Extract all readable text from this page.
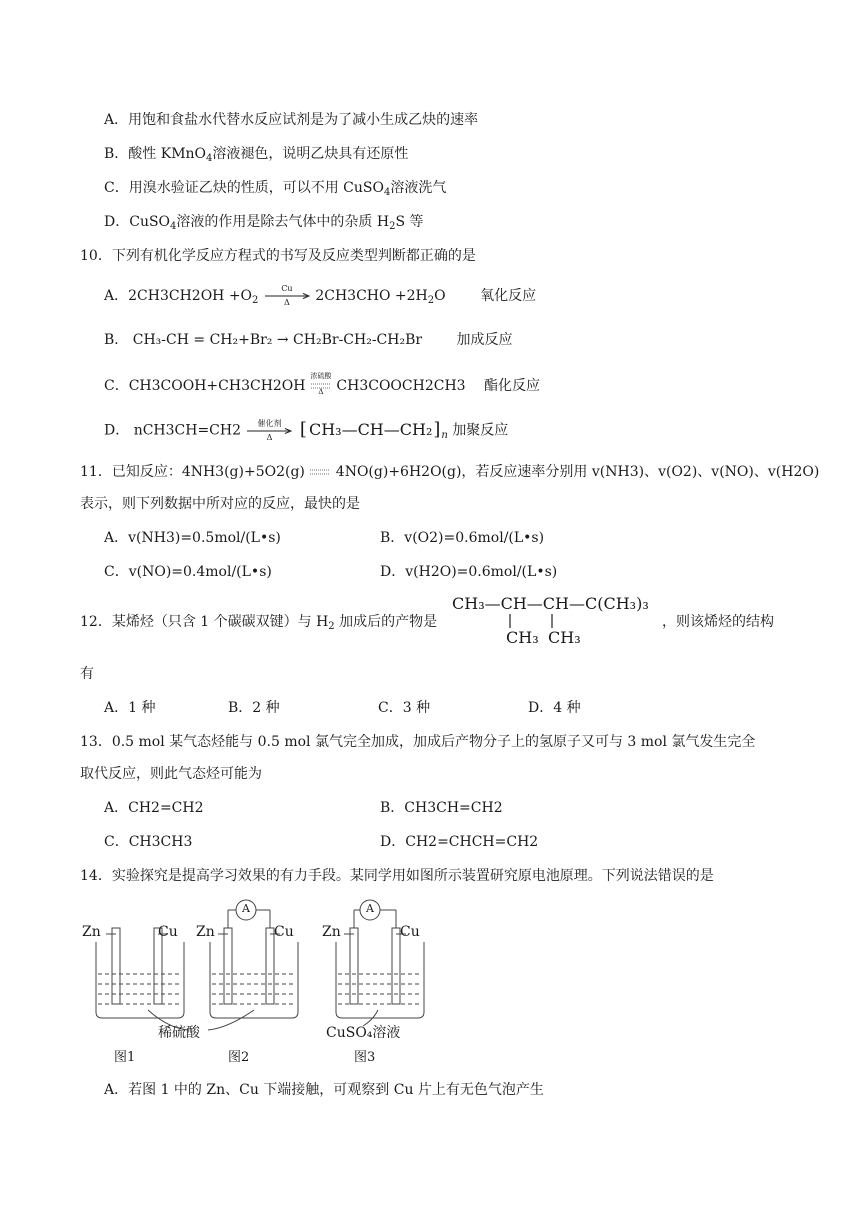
A．用饱和食盐水代替水反应试剂是为了减小生成乙炔的速率
B．酸性 KMnO$_4$溶液褪色，说明乙炔具有还原性
C．用溴水验证乙炔的性质，可以不用 CuSO$_4$溶液洗气
D．CuSO$_4$溶液的作用是除去气体中的杂质 $H_2S$ 等
10．下列有机化学反应方程式的书写及反应类型判断都正确的是
A．$2CH3CH2OH +O_2$
Cu
Δ	$2CH3CHO +2H_2O$ 氧化反应
B． CH₃-CH = CH₂+Br₂ → CH₂Br-CH₂-CH₂Br 加成反应
C．CH3COOH+CH3CH2OH
浓硫酸
Δ CH3COOCH2CH3 酯化反应
D． nCH3CH=CH2	催化剂
Δ	[ $CH_3—CH—CH_2]_n$ 加聚反应
11．已知反应：4NH3(g)+5O2(g) 4NO(g)+6H2O(g)，若反应速率分别用 v(NH3)、v(O2)、v(NO)、v(H2O)
表示，则下列数据中所对应的反应，最快的是
A．v(NH3)=0.5mol/(L•s)	B．v(O2)=0.6mol/(L•s)
C．v(NO)=0.4mol/(L•s)	D．v(H2O)=0.6mol/(L•s)
12．某烯烃（只含 1 个碳碳双键）与 $H_2$ 加成后的产物是
CH₃—CH—CH—C(CH₃)₃
CH₃ CH₃
，则该烯烃的结构
有
A．1 种	B．2 种	C．3 种	D．4 种
13．0.5 mol 某气态烃能与 0.5 mol 氯气完全加成，加成后产物分子上的氢原子又可与 3 mol 氯气发生完全
取代反应，则此气态烃可能为
A．CH2=CH2	B．CH3CH=CH2
C．CH3CH3	D．CH2=CHCH=CH2
14．实验探究是提高学习效果的有力手段。某同学用如图所示装置研究原电池原理。下列说法错误的是
Zn	Cu Zn	Cu Zn	Cu
A	A
稀硫酸	CuSO₄溶液
图1	图2	图3
A．若图 1 中的 Zn、Cu 下端接触，可观察到 Cu 片上有无色气泡产生
